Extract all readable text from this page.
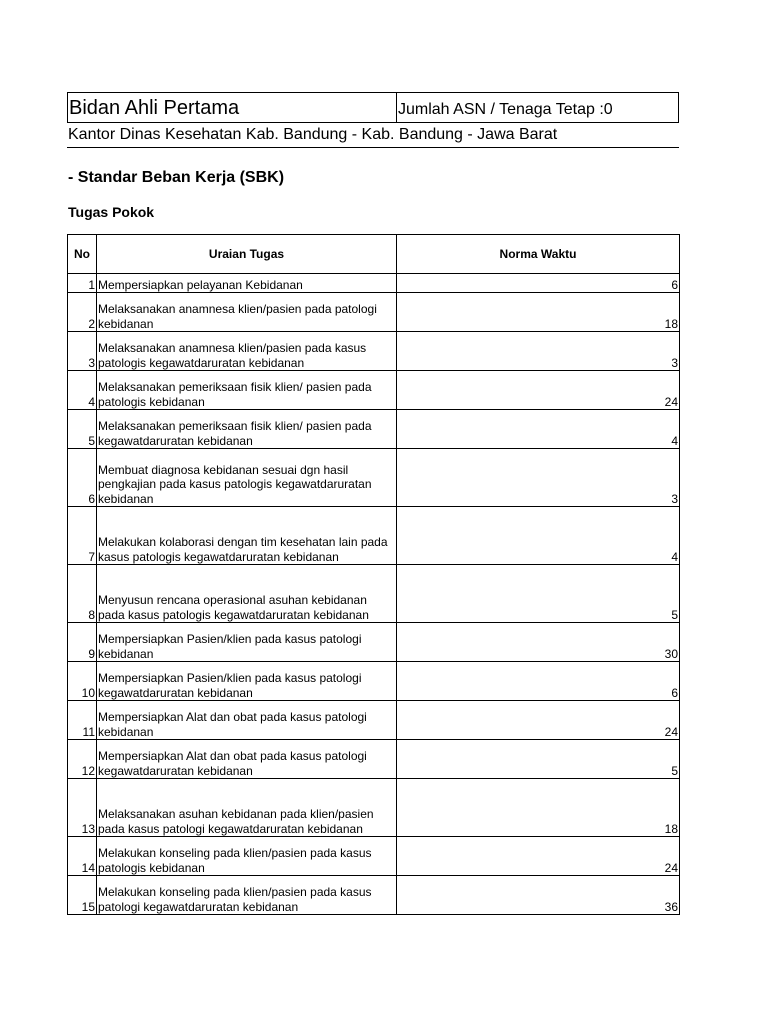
Bidan Ahli Pertama	Jumlah ASN / Tenaga Tetap :0
Kantor Dinas Kesehatan Kab. Bandung - Kab. Bandung - Jawa Barat
- Standar Beban Kerja (SBK)
Tugas Pokok
No	Uraian Tugas	Norma Waktu
1	Mempersiapkan pelayanan Kebidanan	6
2	Melaksanakan anamnesa klien/pasien pada patologi kebidanan	18
3	Melaksanakan anamnesa klien/pasien pada kasus patologis kegawatdaruratan kebidanan	3
4	Melaksanakan pemeriksaan fisik klien/ pasien pada patologis kebidanan	24
5	Melaksanakan pemeriksaan fisik klien/ pasien pada kegawatdaruratan kebidanan	4
6	Membuat diagnosa kebidanan sesuai dgn hasil pengkajian pada kasus patologis kegawatdaruratan kebidanan	3
7	Melakukan kolaborasi dengan tim kesehatan lain pada kasus patologis kegawatdaruratan kebidanan	4
8	Menyusun rencana operasional asuhan kebidanan pada kasus patologis kegawatdaruratan kebidanan	5
9	Mempersiapkan Pasien/klien pada kasus patologi kebidanan	30
10	Mempersiapkan Pasien/klien pada kasus patologi kegawatdaruratan kebidanan	6
11	Mempersiapkan Alat dan obat pada kasus patologi kebidanan	24
12	Mempersiapkan Alat dan obat pada kasus patologi kegawatdaruratan kebidanan	5
13	Melaksanakan asuhan kebidanan pada klien/pasien pada kasus patologi kegawatdaruratan kebidanan	18
14	Melakukan konseling pada klien/pasien pada kasus patologis kebidanan	24
15	Melakukan konseling pada klien/pasien pada kasus patologi kegawatdaruratan kebidanan	36
